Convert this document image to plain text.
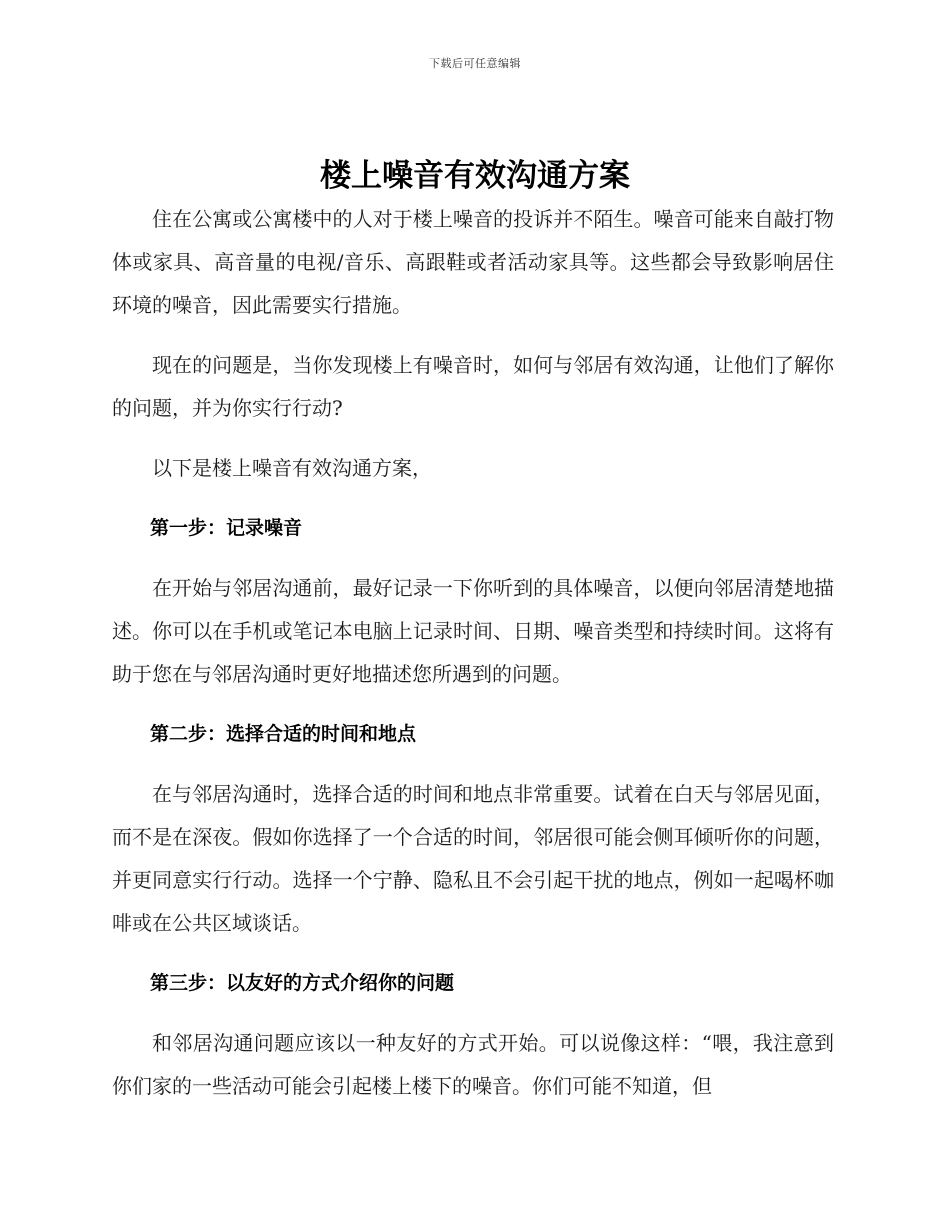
下载后可任意编辑
楼上噪音有效沟通方案

住在公寓或公寓楼中的人对于楼上噪音的投诉并不陌生。噪音可能来自敲打物体或家具、高音量的电视/音乐、高跟鞋或者活动家具等。这些都会导致影响居住环境的噪音，因此需要实行措施。

现在的问题是，当你发现楼上有噪音时，如何与邻居有效沟通，让他们了解你的问题，并为你实行行动?

以下是楼上噪音有效沟通方案，

第一步：记录噪音

在开始与邻居沟通前，最好记录一下你听到的具体噪音，以便向邻居清楚地描述。你可以在手机或笔记本电脑上记录时间、日期、噪音类型和持续时间。这将有助于您在与邻居沟通时更好地描述您所遇到的问题。

第二步：选择合适的时间和地点

在与邻居沟通时，选择合适的时间和地点非常重要。试着在白天与邻居见面，而不是在深夜。假如你选择了一个合适的时间，邻居很可能会侧耳倾听你的问题，并更同意实行行动。选择一个宁静、隐私且不会引起干扰的地点，例如一起喝杯咖啡或在公共区域谈话。

第三步：以友好的方式介绍你的问题

和邻居沟通问题应该以一种友好的方式开始。可以说像这样：“喂，我注意到你们家的一些活动可能会引起楼上楼下的噪音。你们可能不知道，但
